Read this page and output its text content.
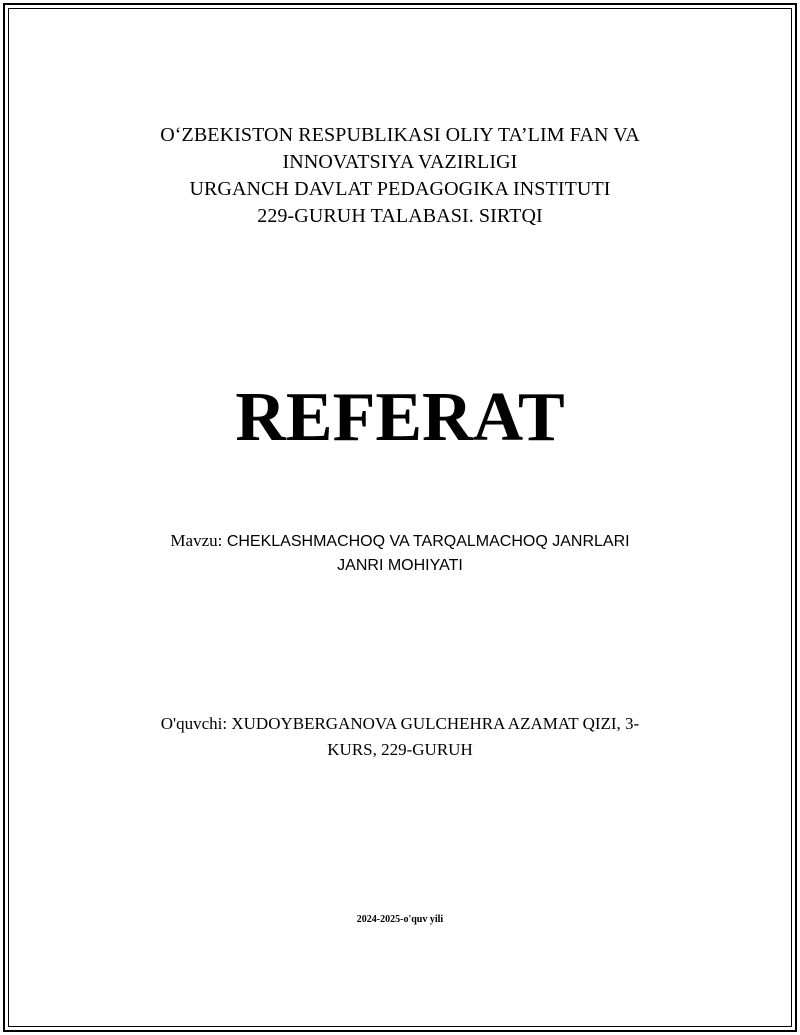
O‘ZBEKISTON RESPUBLIKASI OLIY TA’LIM FAN VA
INNOVATSIYA VAZIRLIGI
URGANCH DAVLAT PEDAGOGIKA INSTITUTI
229-GURUH TALABASI. SIRTQI
REFERAT
Mavzu: CHEKLASHMACHOQ VA TARQALMACHOQ JANRLARI
JANRI MOHIYATI
O'quvchi: XUDOYBERGANOVA GULCHEHRA AZAMAT QIZI, 3-
KURS, 229-GURUH
2024-2025-o'quv yili
